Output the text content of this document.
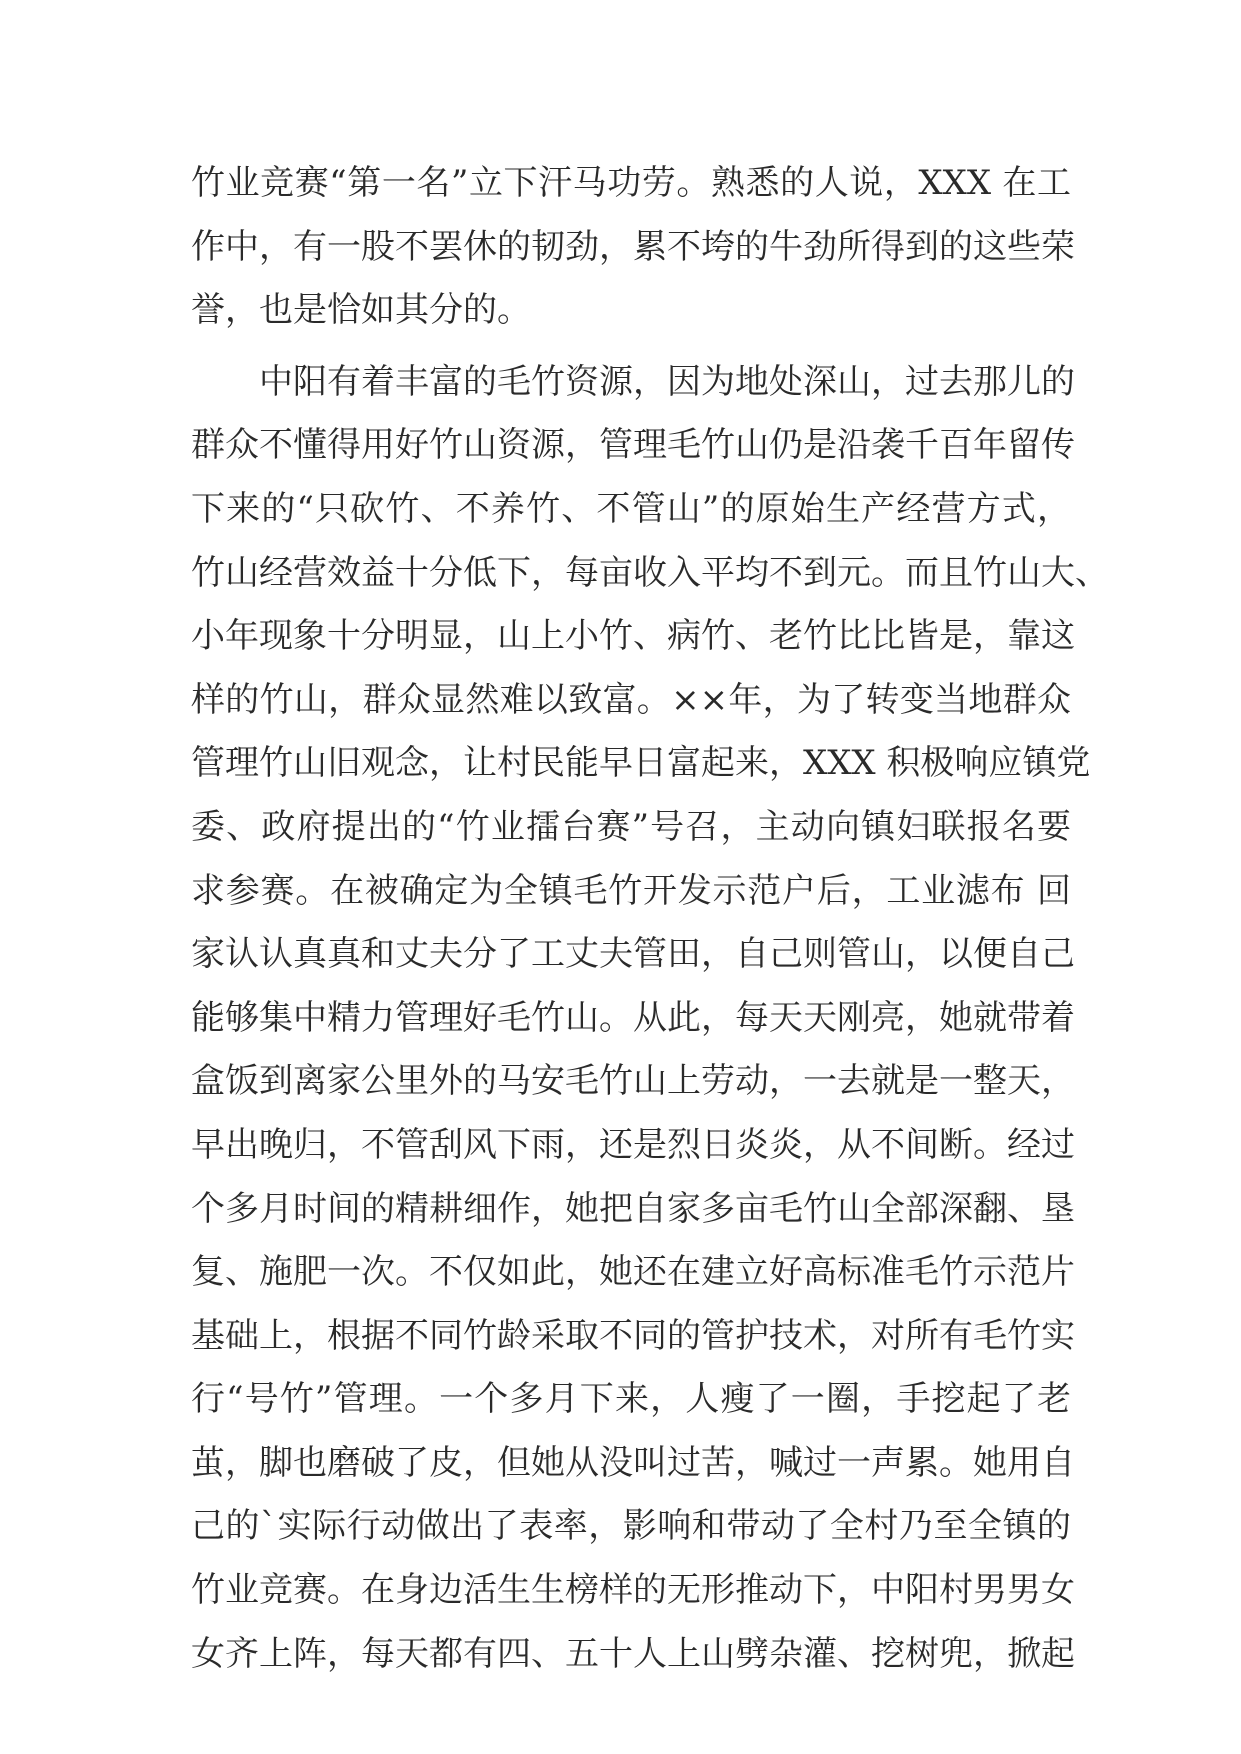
竹业竞赛“第一名”立下汗马功劳。熟悉的人说，XXX 在工
作中，有一股不罢休的韧劲，累不垮的牛劲所得到的这些荣
誉，也是恰如其分的。
中阳有着丰富的毛竹资源，因为地处深山，过去那儿的
群众不懂得用好竹山资源，管理毛竹山仍是沿袭千百年留传
下来的“只砍竹、不养竹、不管山”的原始生产经营方式，
竹山经营效益十分低下，每亩收入平均不到元。而且竹山大、
小年现象十分明显，山上小竹、病竹、老竹比比皆是，靠这
样的竹山，群众显然难以致富。××年，为了转变当地群众
管理竹山旧观念，让村民能早日富起来，XXX 积极响应镇党
委、政府提出的“竹业擂台赛”号召，主动向镇妇联报名要
求参赛。在被确定为全镇毛竹开发示范户后，工业滤布 回
家认认真真和丈夫分了工丈夫管田，自己则管山，以便自己
能够集中精力管理好毛竹山。从此，每天天刚亮，她就带着
盒饭到离家公里外的马安毛竹山上劳动，一去就是一整天，
早出晚归，不管刮风下雨，还是烈日炎炎，从不间断。经过
个多月时间的精耕细作，她把自家多亩毛竹山全部深翻、垦
复、施肥一次。不仅如此，她还在建立好高标准毛竹示范片
基础上，根据不同竹龄采取不同的管护技术，对所有毛竹实
行“号竹”管理。一个多月下来，人瘦了一圈，手挖起了老
茧，脚也磨破了皮，但她从没叫过苦，喊过一声累。她用自
己的`实际行动做出了表率，影响和带动了全村乃至全镇的
竹业竞赛。在身边活生生榜样的无形推动下，中阳村男男女
女齐上阵，每天都有四、五十人上山劈杂灌、挖树兜，掀起
